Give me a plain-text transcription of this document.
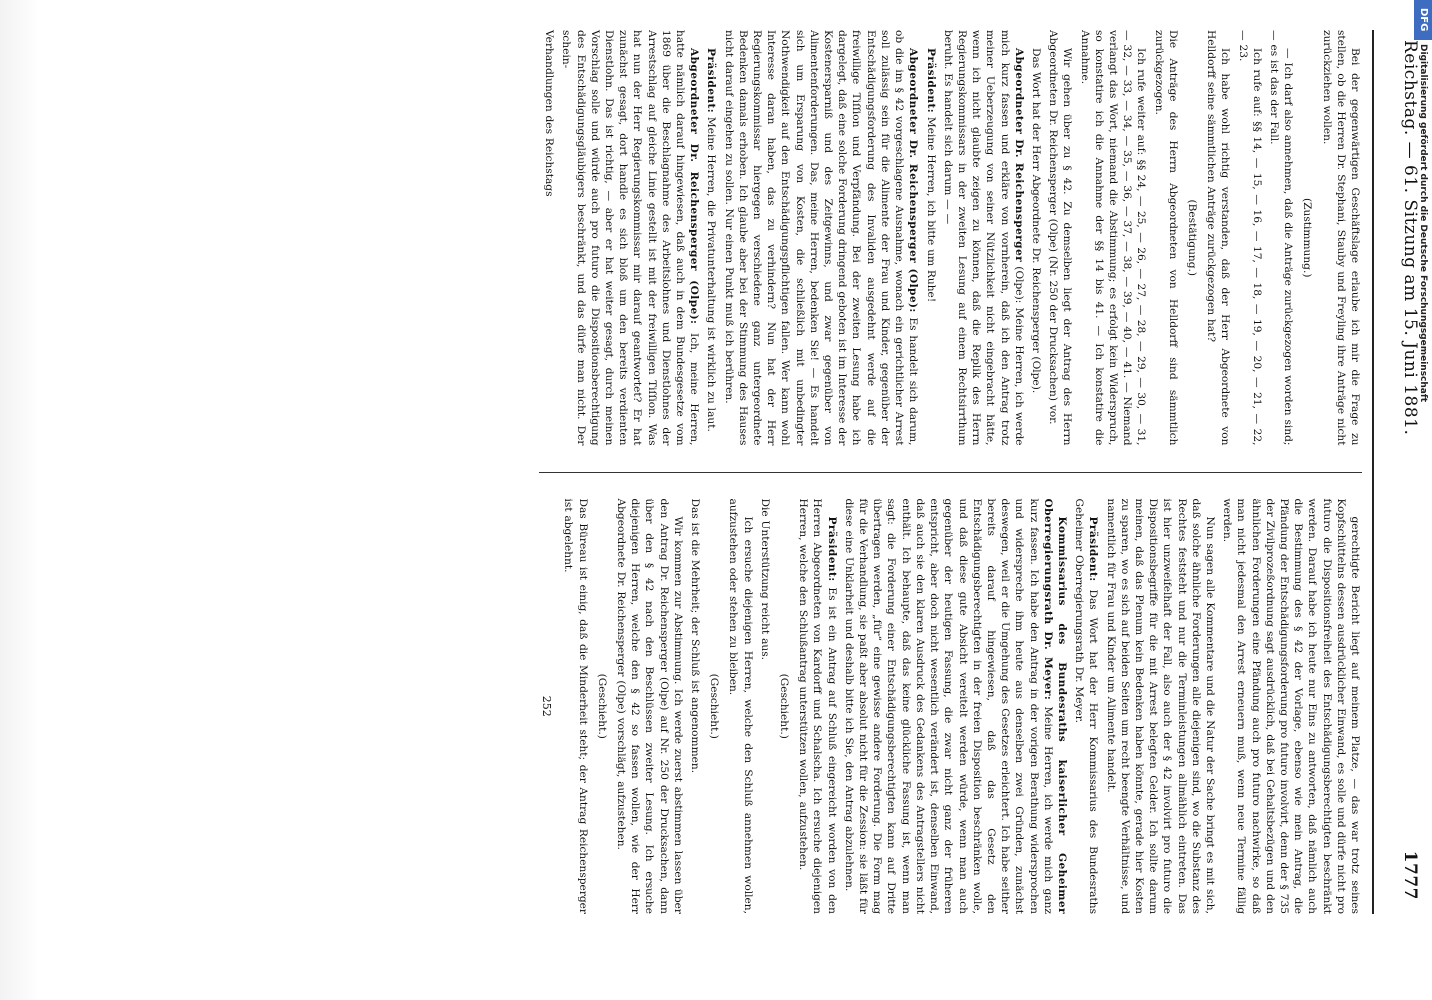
Reichstag. — 61. Sitzung am 15. Juni 1881.
1777

Bei der gegenwärtigen Geschäftslage erlaube ich mir die Frage zu stellen, ob die Herren Dr. Stephani, Stauby und Freyling ihre Anträge nicht zurückziehen wollen.

(Zustimmung.)

— Ich darf also annehmen, daß die Anträge zurückgezogen worden sind; — es ist das der Fall.

Ich rufe auf: §§ 14, — 15, — 16, — 17, — 18, — 19, — 20, — 21, — 22, — 23.

Ich habe wohl richtig verstanden, daß der Herr Abgeordnete von Helldorff seine sämmtlichen Anträge zurückgezogen hat?

(Bestätigung.)

Die Anträge des Herrn Abgeordneten von Helldorff sind sämmtlich zurückgezogen.

Ich rufe weiter auf: §§ 24, — 25, — 26, — 27, — 28, — 29, — 30, — 31, — 32, — 33, — 34, — 35, — 36, — 37, — 38, — 39, — 40, — 41. — Niemand verlangt das Wort, niemand die Abstimmung; es erfolgt kein Widerspruch, so konstatire ich die Annahme der §§ 14 bis 41. — Ich konstatire die Annahme.

Wir gehen über zu § 42. Zu demselben liegt der Antrag des Herrn Abgeordneten Dr. Reichensperger (Olpe) (Nr. 250 der Drucksachen) vor.

Das Wort hat der Herr Abgeordnete Dr. Reichensperger (Olpe).

Abgeordneter Dr. Reichensperger (Olpe): Meine Herren, ich werde mich kurz fassen und erkläre von vornherein, daß ich den Antrag trotz meiner Ueberzeugung von seiner Nützlichkeit nicht eingebracht hätte, wenn ich nicht glaubte zeigen zu können, daß die Replik des Herrn Regierungskommissars in der zweiten Lesung auf einem Rechtsirrthum beruht. Es handelt sich darum — —

Präsident: Meine Herren, ich bitte um Ruhe!

Abgeordneter Dr. Reichensperger (Olpe): Es handelt sich darum, ob die im § 42 vorgeschlagene Ausnahme, wonach ein gerichtlicher Arrest soll zulässig sein für die Alimente der Frau und Kinder, gegenüber der Entschädigungsforderung des Invaliden ausgedehnt werde auf die freiwillige Tiſſion und Verpfändung. Bei der zweiten Lesung habe ich dargelegt, daß eine solche Forderung dringend geboten ist im Interesse der Kostenersparniß und des Zeitgewinns, und zwar gegenüber von Alimentenforderungen. Das, meine Herren, bedenken Sie! — Es handelt sich um Ersparung von Kosten, die schließlich mit unbedingter Nothwendigkeit auf den Entschädigungspflichtigen fallen. Wer kann wohl Interesse daran haben, das zu verhindern? Nun hat der Herr Regierungskommissar hiergegen verschiedene ganz untergeordnete Bedenken damals erhoben. Ich glaube aber bei der Stimmung des Hauses nicht darauf eingehen zu sollen. Nur einen Punkt muß ich berühren.

Präsident: Meine Herren, die Privatunterhaltung ist wirklich zu laut.

Abgeordneter Dr. Reichensperger (Olpe): Ich, meine Herren, hatte nämlich darauf hingewiesen, daß auch in dem Bundesgesetze vom 1869 über die Beschlagnahme des Arbeitslohnes und Dienstlohnes der Arrestschlag auf gleiche Linie gestellt ist mit der freiwilligen Tiſſion. Was hat nun der Herr Regierungskommissar mir darauf geantwortet? Er hat zunächst gesagt, dort handle es sich bloß um den bereits verdienten Dienstlohn. Das ist richtig, — aber er hat weiter gesagt, durch meinen Vorschlag solle und würde auch pro futuro die Dispositionsberechtigung des Entschädigungsgläubigers beschränkt, und das dürfe man nicht. Der schein-

Verhandlungen des Reichstags

gerechtigte Bericht liegt auf meinem Platze, — das war trotz seines Kopfschüttelns dessen ausdrücklicher Einwand, es solle und dürfe nicht pro futuro die Dispositionsfreiheit des Entschädigungsberechtigten beschränkt werden. Darauf habe ich heute nur Eins zu antworten, daß nämlich auch die Bestimmung des § 42 der Vorlage, ebenso wie mein Antrag, die Pfändung der Entschädigungsforderung pro futuro involvirt, denn der § 735 der Zivilprozeßordnung sagt ausdrücklich, daß bei Gehaltsbezügen und den ähnlichen Forderungen eine Pfändung auch pro futuro nachwirke, so daß man nicht jedesmal den Arrest erneuern muß, wenn neue Termine fällig werden.

Nun sagen alle Kommentare und die Natur der Sache bringt es mit sich, daß solche ähnliche Forderungen alle diejenigen sind, wo die Substanz des Rechtes feststeht und nur die Terminleistungen allmählich eintreten. Das ist hier unzweifelhaft der Fall, also auch der § 42 involvirt pro futuro die Dispositionsbegriffe für die mit Arrest belegten Gelder. Ich sollte darum meinen, daß das Plenum kein Bedenken haben könnte, gerade hier Kosten zu sparen, wo es sich auf beiden Seiten um recht beengte Verhältnisse, und namentlich für Frau und Kinder um Alimente handelt.

Präsident: Das Wort hat der Herr Kommissarius des Bundesraths Geheimer Oberregierungsrath Dr. Meyer.

Kommissarius des Bundesraths kaiserlicher Geheimer Oberregierungsrath Dr. Meyer: Meine Herren, ich werde mich ganz kurz fassen. Ich habe den Antrag in der vorigen Berathung widersprochen und widerspreche ihm heute aus denselben zwei Gründen, zunächst deswegen, weil er die Umgehung des Gesetzes erleichtert. Ich habe seither bereits darauf hingewiesen, daß das Gesetz den Entschädigungsberechtigten in der freien Disposition beschränken wolle, und daß diese gute Absicht vereitelt werden würde, wenn man auch gegenüber der heutigen Fassung, die zwar nicht ganz der früheren entspricht, aber doch nicht wesentlich verändert ist, denselben Einwand, daß auch sie den klaren Ausdruck des Gedankens des Antragstellers nicht enthält. Ich behaupte, daß das keine glückliche Fassung ist, wenn man sagt: die Forderung einer Entschädigungsberechtigten kann auf Dritte übertragen werden, „für“ eine gewisse andere Forderung. Die Form mag für die Verhandlung, sie paßt aber absolut nicht für die Zession: sie läßt für diese eine Unklarheit und deshalb bitte ich Sie, den Antrag abzulehnen.

Präsident: Es ist ein Antrag auf Schluß eingereicht worden von den Herren Abgeordneten von Kardorff und Schalscha. Ich ersuche diejenigen Herren, welche den Schlußantrag unterstützen wollen, aufzustehen.

(Geschieht.)

Die Unterstützung reicht aus.

Ich ersuche diejenigen Herren, welche den Schluß annehmen wollen, aufzustehen oder stehen zu bleiben.

(Geschieht.)

Das ist die Mehrheit; der Schluß ist angenommen.

Wir kommen zur Abstimmung. Ich werde zuerst abstimmen lassen über den Antrag Dr. Reichensperger (Olpe) auf Nr. 250 der Drucksachen, dann über den § 42 nach den Beschlüssen zweiter Lesung. Ich ersuche diejenigen Herren, welche den § 42 so fassen wollen, wie der Herr Abgeordnete Dr. Reichensperger (Olpe) vorschlägt, aufzustehen.

(Geschieht.)

Das Büreau ist einig, daß die Minderheit steht; der Antrag Reichensperger ist abgelehnt.

252
DFG
Digitalisierung gefördert durch die Deutsche Forschungsgemeinschaft
